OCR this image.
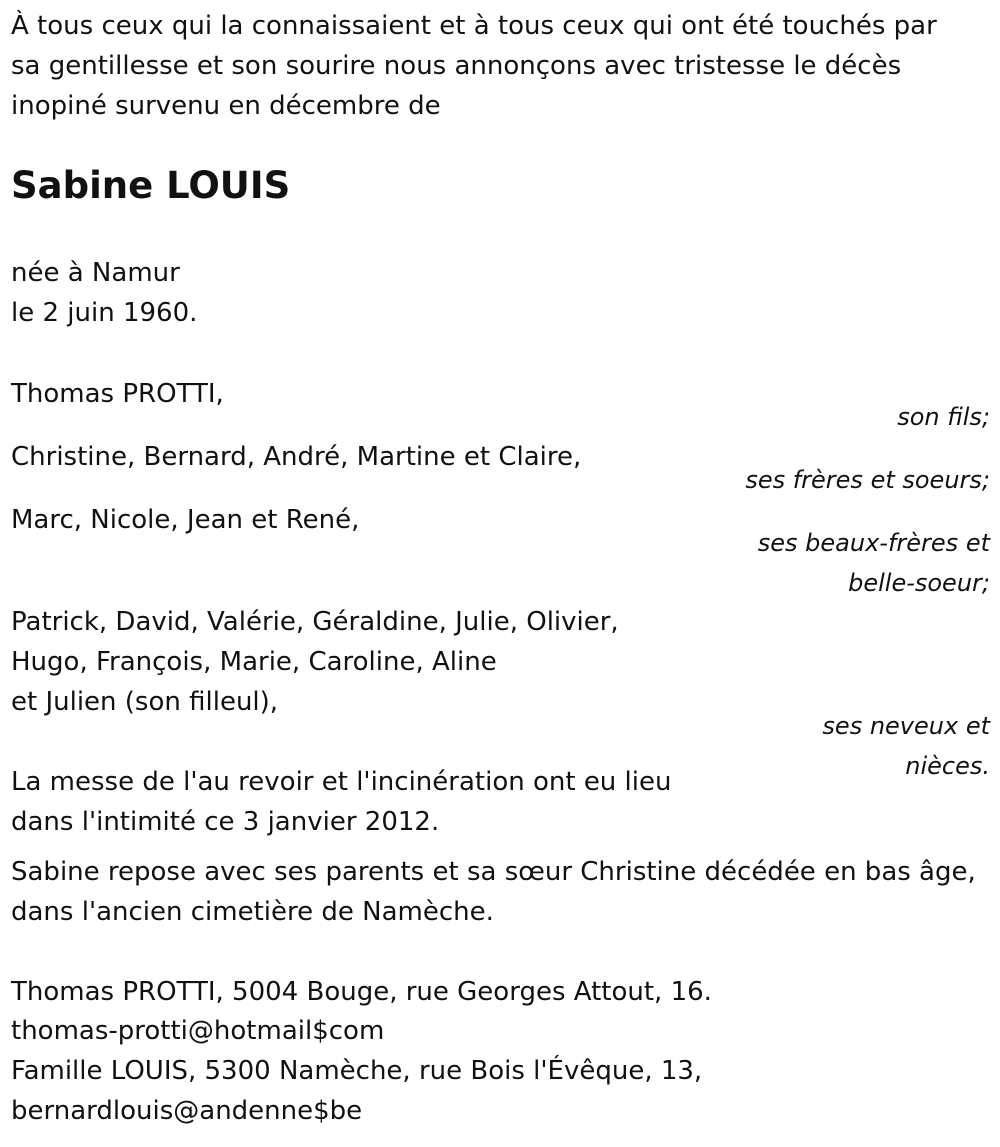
À tous ceux qui la connaissaient et à tous ceux qui ont été touchés par

sa gentillesse et son sourire nous annonçons avec tristesse le décès

inopiné survenu en décembre de

Sabine LOUIS

née à Namur

le 2 juin 1960.

Thomas PROTTI,

son fils;

Christine, Bernard, André, Martine et Claire,

ses frères et soeurs;

Marc, Nicole, Jean et René,

ses beaux-frères et

belle-soeur;

Patrick, David, Valérie, Géraldine, Julie, Olivier,

Hugo, François, Marie, Caroline, Aline

et Julien (son filleul),

ses neveux et

nièces.

La messe de l'au revoir et l'incinération ont eu lieu

dans l'intimité ce 3 janvier 2012.

Sabine repose avec ses parents et sa sœur Christine décédée en bas âge,

dans l'ancien cimetière de Namèche.

Thomas PROTTI, 5004 Bouge, rue Georges Attout, 16.

thomas-protti@hotmail$com

Famille LOUIS, 5300 Namèche, rue Bois l'Évêque, 13,

bernardlouis@andenne$be
